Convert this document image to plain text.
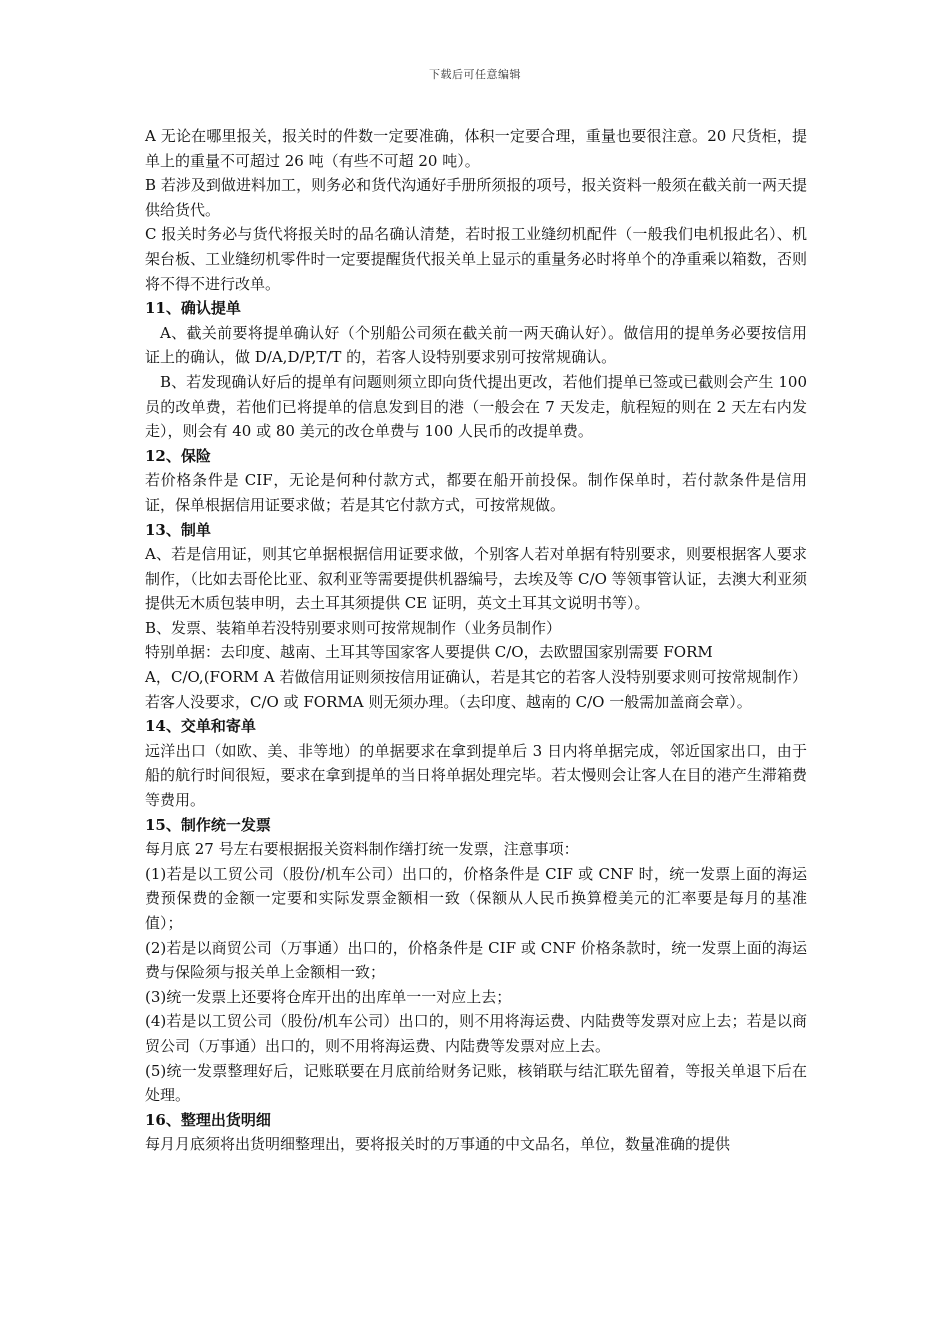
下载后可任意编辑

A 无论在哪里报关，报关时的件数一定要准确，体积一定要合理，重量也要很注意。20 尺货柜，提单上的重量不可超过 26 吨（有些不可超 20 吨）。

B 若涉及到做进料加工，则务必和货代沟通好手册所须报的项号，报关资料一般须在截关前一两天提供给货代。

C 报关时务必与货代将报关时的品名确认清楚，若时报工业缝纫机配件（一般我们电机报此名）、机架台板、工业缝纫机零件时一定要提醒货代报关单上显示的重量务必时将单个的净重乘以箱数，否则将不得不进行改单。

11、确认提单

A、截关前要将提单确认好（个别船公司须在截关前一两天确认好）。做信用的提单务必要按信用证上的确认，做 D/A,D/P,T/T 的，若客人设特别要求别可按常规确认。

B、若发现确认好后的提单有问题则须立即向货代提出更改，若他们提单已签或已截则会产生 100 员的改单费，若他们已将提单的信息发到目的港（一般会在 7 天发走，航程短的则在 2 天左右内发走），则会有 40 或 80 美元的改仓单费与 100 人民币的改提单费。

12、保险

若价格条件是 CIF，无论是何种付款方式，都要在船开前投保。制作保单时，若付款条件是信用证，保单根据信用证要求做；若是其它付款方式，可按常规做。

13、制单

A、若是信用证，则其它单据根据信用证要求做，个别客人若对单据有特别要求，则要根据客人要求制作，（比如去哥伦比亚、叙利亚等需要提供机器编号，去埃及等 C/O 等领事管认证，去澳大利亚须提供无木质包装申明，去土耳其须提供 CE 证明，英文土耳其文说明书等）。

B、发票、装箱单若没特别要求则可按常规制作（业务员制作）

特别单据：去印度、越南、土耳其等国家客人要提供 C/O，去欧盟国家别需要 FORM

A，C/O,(FORM A 若做信用证则须按信用证确认，若是其它的若客人没特别要求则可按常规制作）若客人没要求，C/O 或 FORMA 则无须办理。（去印度、越南的 C/O 一般需加盖商会章）。

14、交单和寄单

远洋出口（如欧、美、非等地）的单据要求在拿到提单后 3 日内将单据完成，邻近国家出口，由于船的航行时间很短，要求在拿到提单的当日将单据处理完毕。若太慢则会让客人在目的港产生滞箱费等费用。

15、制作统一发票

每月底 27 号左右要根据报关资料制作缮打统一发票，注意事项：

(1)若是以工贸公司（股份/机车公司）出口的，价格条件是 CIF 或 CNF 时，统一发票上面的海运费预保费的金额一定要和实际发票金额相一致（保额从人民币换算橙美元的汇率要是每月的基准值）；

(2)若是以商贸公司（万事通）出口的，价格条件是 CIF 或 CNF 价格条款时，统一发票上面的海运费与保险须与报关单上金额相一致；

(3)统一发票上还要将仓库开出的出库单一一对应上去；

(4)若是以工贸公司（股份/机车公司）出口的，则不用将海运费、内陆费等发票对应上去；若是以商贸公司（万事通）出口的，则不用将海运费、内陆费等发票对应上去。

(5)统一发票整理好后，记账联要在月底前给财务记账，核销联与结汇联先留着，等报关单退下后在处理。

16、整理出货明细

每月月底须将出货明细整理出，要将报关时的万事通的中文品名，单位，数量准确的提供
